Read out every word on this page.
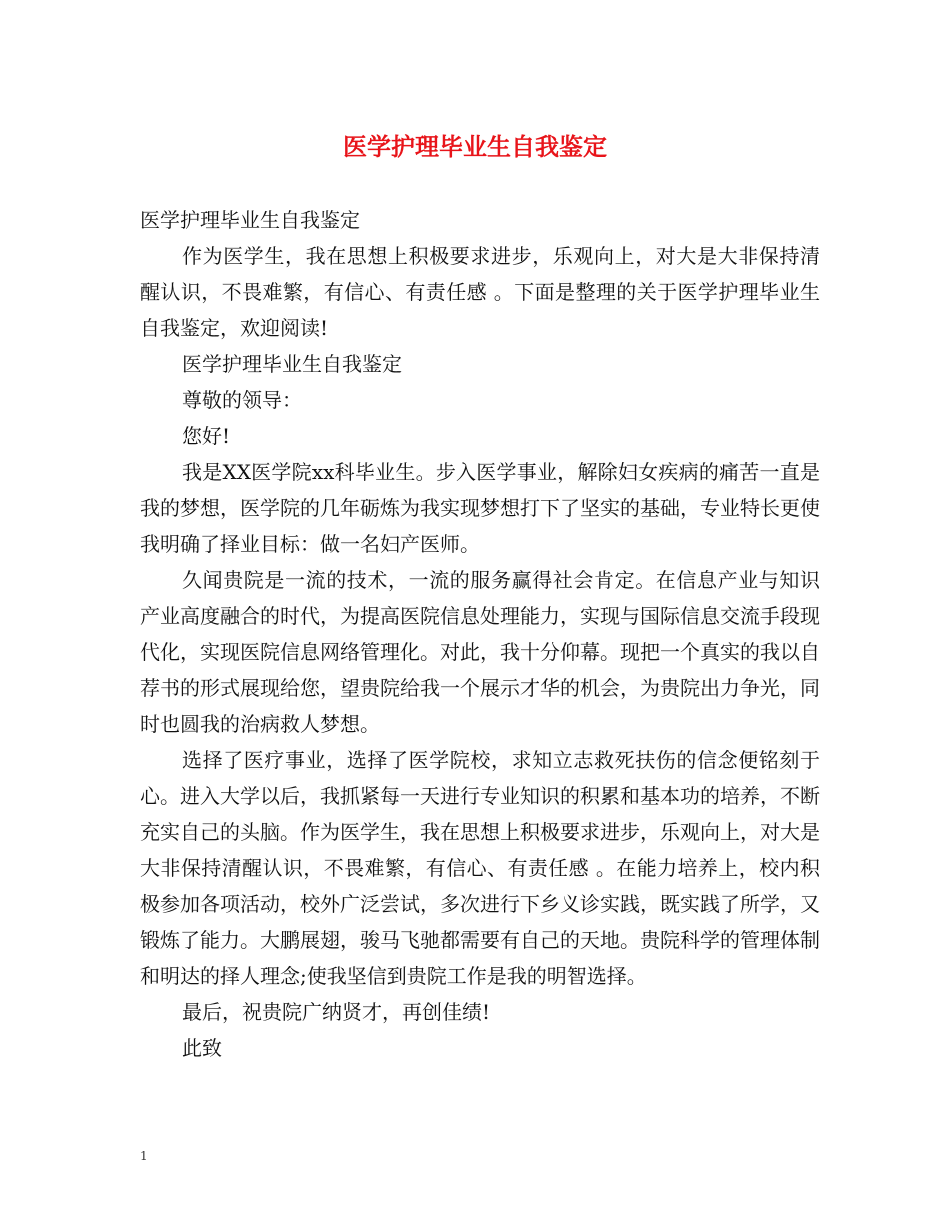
医学护理毕业生自我鉴定

医学护理毕业生自我鉴定

作为医学生，我在思想上积极要求进步，乐观向上，对大是大非保持清醒认识，不畏难繁，有信心、有责任感 。下面是整理的关于医学护理毕业生自我鉴定，欢迎阅读!

医学护理毕业生自我鉴定

尊敬的领导：

您好!

我是XX医学院xx科毕业生。步入医学事业，解除妇女疾病的痛苦一直是我的梦想，医学院的几年砺炼为我实现梦想打下了坚实的基础，专业特长更使我明确了择业目标：做一名妇产医师。

久闻贵院是一流的技术，一流的服务赢得社会肯定。在信息产业与知识产业高度融合的时代，为提高医院信息处理能力，实现与国际信息交流手段现代化，实现医院信息网络管理化。对此，我十分仰幕。现把一个真实的我以自荐书的形式展现给您，望贵院给我一个展示才华的机会，为贵院出力争光，同时也圆我的治病救人梦想。

选择了医疗事业，选择了医学院校，求知立志救死扶伤的信念便铭刻于心。进入大学以后，我抓紧每一天进行专业知识的积累和基本功的培养，不断充实自己的头脑。作为医学生，我在思想上积极要求进步，乐观向上，对大是大非保持清醒认识，不畏难繁，有信心、有责任感 。在能力培养上，校内积极参加各项活动，校外广泛尝试，多次进行下乡义诊实践，既实践了所学，又锻炼了能力。大鹏展翅，骏马飞驰都需要有自己的天地。贵院科学的管理体制和明达的择人理念;使我坚信到贵院工作是我的明智选择。

最后，祝贵院广纳贤才，再创佳绩!

此致

1
